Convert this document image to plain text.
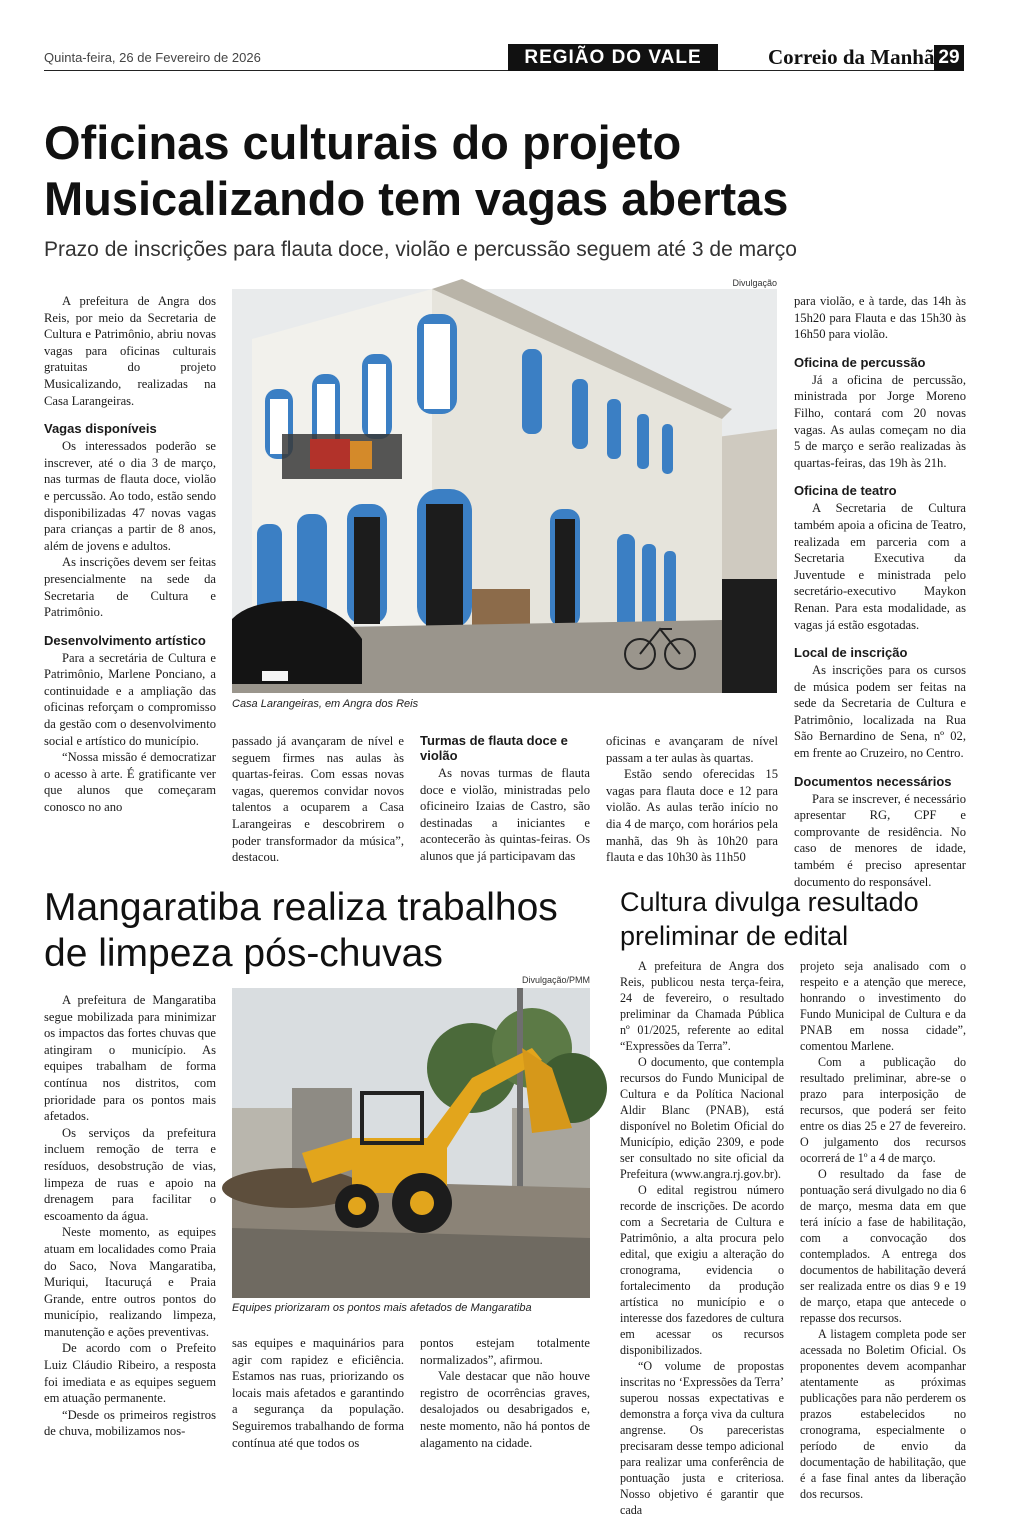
Quinta-feira, 26 de Fevereiro de 2026	REGIÃO DO VALE	Correio da Manhã 29
Oficinas culturais do projeto Musicalizando tem vagas abertas
Prazo de inscrições para flauta doce, violão e percussão seguem até 3 de março

A prefeitura de Angra dos Reis, por meio da Secretaria de Cultura e Patrimônio, abriu novas vagas para oficinas culturais gratuitas do projeto Musicalizando, realizadas na Casa Larangeiras.

Vagas disponíveis

Os interessados poderão se inscrever, até o dia 3 de março, nas turmas de flauta doce, violão e percussão. Ao todo, estão sendo disponibilizadas 47 novas vagas para crianças a partir de 8 anos, além de jovens e adultos.

As inscrições devem ser feitas presencialmente na sede da Secretaria de Cultura e Patrimônio.

Desenvolvimento artístico

Para a secretária de Cultura e Patrimônio, Marlene Ponciano, a continuidade e a ampliação das oficinas reforçam o compromisso da gestão com o desenvolvimento social e artístico do município.

“Nossa missão é democratizar o acesso à arte. É gratificante ver que alunos que começaram conosco no ano

Divulgação
Casa Larangeiras, em Angra dos Reis

passado já avançaram de nível e seguem firmes nas aulas às quartas-feiras. Com essas novas vagas, queremos convidar novos talentos a ocuparem a Casa Larangeiras e descobrirem o poder transformador da música”, destacou.

Turmas de flauta doce e violão

As novas turmas de flauta doce e violão, ministradas pelo oficineiro Izaias de Castro, são destinadas a iniciantes e acontecerão às quintas-feiras. Os alunos que já participavam das

oficinas e avançaram de nível passam a ter aulas às quartas.

Estão sendo oferecidas 15 vagas para flauta doce e 12 para violão. As aulas terão início no dia 4 de março, com horários pela manhã, das 9h às 10h20 para flauta e das 10h30 às 11h50

para violão, e à tarde, das 14h às 15h20 para Flauta e das 15h30 às 16h50 para violão.

Oficina de percussão

Já a oficina de percussão, ministrada por Jorge Moreno Filho, contará com 20 novas vagas. As aulas começam no dia 5 de março e serão realizadas às quartas-feiras, das 19h às 21h.

Oficina de teatro

A Secretaria de Cultura também apoia a oficina de Teatro, realizada em parceria com a Secretaria Executiva da Juventude e ministrada pelo secretário-executivo Maykon Renan. Para esta modalidade, as vagas já estão esgotadas.

Local de inscrição

As inscrições para os cursos de música podem ser feitas na sede da Secretaria de Cultura e Patrimônio, localizada na Rua São Bernardino de Sena, nº 02, em frente ao Cruzeiro, no Centro.

Documentos necessários

Para se inscrever, é necessário apresentar RG, CPF e comprovante de residência. No caso de menores de idade, também é preciso apresentar documento do responsável.

Mangaratiba realiza trabalhos de limpeza pós-chuvas

A prefeitura de Mangaratiba segue mobilizada para minimizar os impactos das fortes chuvas que atingiram o município. As equipes trabalham de forma contínua nos distritos, com prioridade para os pontos mais afetados.

Os serviços da prefeitura incluem remoção de terra e resíduos, desobstrução de vias, limpeza de ruas e apoio na drenagem para facilitar o escoamento da água.

Neste momento, as equipes atuam em localidades como Praia do Saco, Nova Mangaratiba, Muriqui, Itacuruçá e Praia Grande, entre outros pontos do município, realizando limpeza, manutenção e ações preventivas.

De acordo com o Prefeito Luiz Cláudio Ribeiro, a resposta foi imediata e as equipes seguem em atuação permanente.

“Desde os primeiros registros de chuva, mobilizamos nos-

Divulgação/PMM
Equipes priorizaram os pontos mais afetados de Mangaratiba

sas equipes e maquinários para agir com rapidez e eficiência. Estamos nas ruas, priorizando os locais mais afetados e garantindo a segurança da população. Seguiremos trabalhando de forma contínua até que todos os

pontos estejam totalmente normalizados”, afirmou.

Vale destacar que não houve registro de ocorrências graves, desalojados ou desabrigados e, neste momento, não há pontos de alagamento na cidade.

Cultura divulga resultado preliminar de edital

A prefeitura de Angra dos Reis, publicou nesta terça-feira, 24 de fevereiro, o resultado preliminar da Chamada Pública nº 01/2025, referente ao edital “Expressões da Terra”.

O documento, que contempla recursos do Fundo Municipal de Cultura e da Política Nacional Aldir Blanc (PNAB), está disponível no Boletim Oficial do Município, edição 2309, e pode ser consultado no site oficial da Prefeitura (www.angra.rj.gov.br).

O edital registrou número recorde de inscrições. De acordo com a Secretaria de Cultura e Patrimônio, a alta procura pelo edital, que exigiu a alteração do cronograma, evidencia o fortalecimento da produção artística no município e o interesse dos fazedores de cultura em acessar os recursos disponibilizados.

“O volume de propostas inscritas no ‘Expressões da Terra’ superou nossas expectativas e demonstra a força viva da cultura angrense. Os pareceristas precisaram desse tempo adicional para realizar uma conferência de pontuação justa e criteriosa. Nosso objetivo é garantir que cada

projeto seja analisado com o respeito e a atenção que merece, honrando o investimento do Fundo Municipal de Cultura e da PNAB em nossa cidade”, comentou Marlene.

Com a publicação do resultado preliminar, abre-se o prazo para interposição de recursos, que poderá ser feito entre os dias 25 e 27 de fevereiro. O julgamento dos recursos ocorrerá de 1º a 4 de março.

O resultado da fase de pontuação será divulgado no dia 6 de março, mesma data em que terá início a fase de habilitação, com a convocação dos contemplados. A entrega dos documentos de habilitação deverá ser realizada entre os dias 9 e 19 de março, etapa que antecede o repasse dos recursos.

A listagem completa pode ser acessada no Boletim Oficial. Os proponentes devem acompanhar atentamente as próximas publicações para não perderem os prazos estabelecidos no cronograma, especialmente o período de envio da documentação de habilitação, que é a fase final antes da liberação dos recursos.
